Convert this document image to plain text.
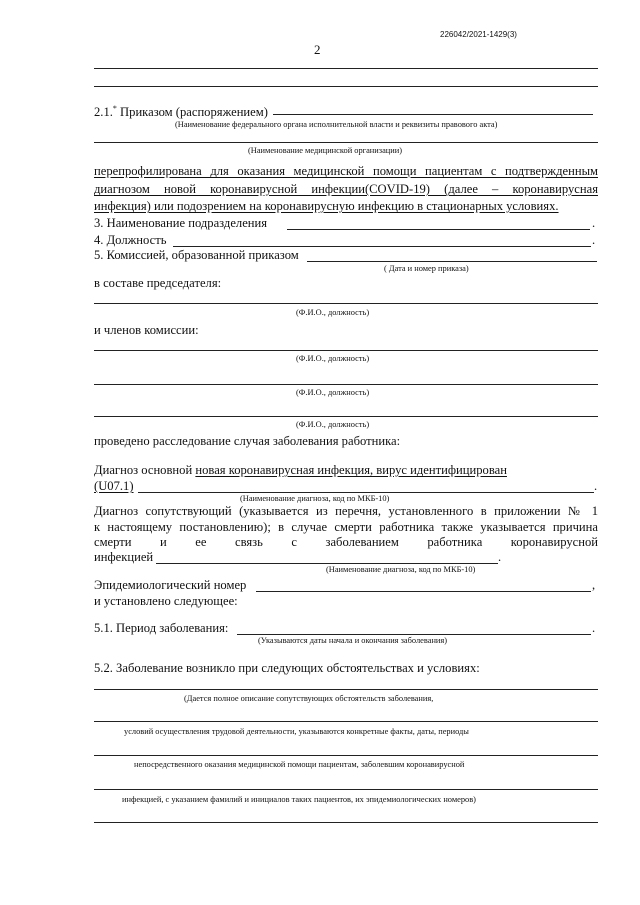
226042/2021-1429(3)
2
2.1.* Приказом (распоряжением)
(Наименование федерального органа исполнительной власти и реквизиты правового акта)
(Наименование медицинской организации)
перепрофилирована для оказания медицинской помощи пациентам с подтвержденным
диагнозом новой коронавирусной инфекции(COVID-19) (далее – коронавирусная
инфекция) или подозрением на коронавирусную инфекцию в стационарных условиях.
3. Наименование подразделения	.
4. Должность	.
5. Комиссией, образованной приказом
( Дата и номер приказа)
в составе председателя:
(Ф.И.О., должность)
и членов комиссии:
(Ф.И.О., должность)
(Ф.И.О., должность)
(Ф.И.О., должность)
проведено расследование случая заболевания работника:
Диагноз основной новая коронавирусная инфекция, вирус идентифицирован
(U07.1)	.
(Наименование диагноза, код по МКБ-10)
Диагноз сопутствующий (указывается из перечня, установленного в приложении № 1
к настоящему постановлению); в случае смерти работника также указывается причина
смерти и ее связь с заболеванием работника коронавирусной
инфекцией	.
(Наименование диагноза, код по МКБ-10)
Эпидемиологический номер	,
и установлено следующее:
5.1. Период заболевания:	.
(Указываются даты начала и окончания заболевания)
5.2. Заболевание возникло при следующих обстоятельствах и условиях:
(Дается полное описание сопутствующих обстоятельств заболевания,
условий осуществления трудовой деятельности, указываются конкретные факты, даты, периоды
непосредственного оказания медицинской помощи пациентам, заболевшим коронавирусной
инфекцией, с указанием фамилий и инициалов таких пациентов, их эпидемиологических номеров)
